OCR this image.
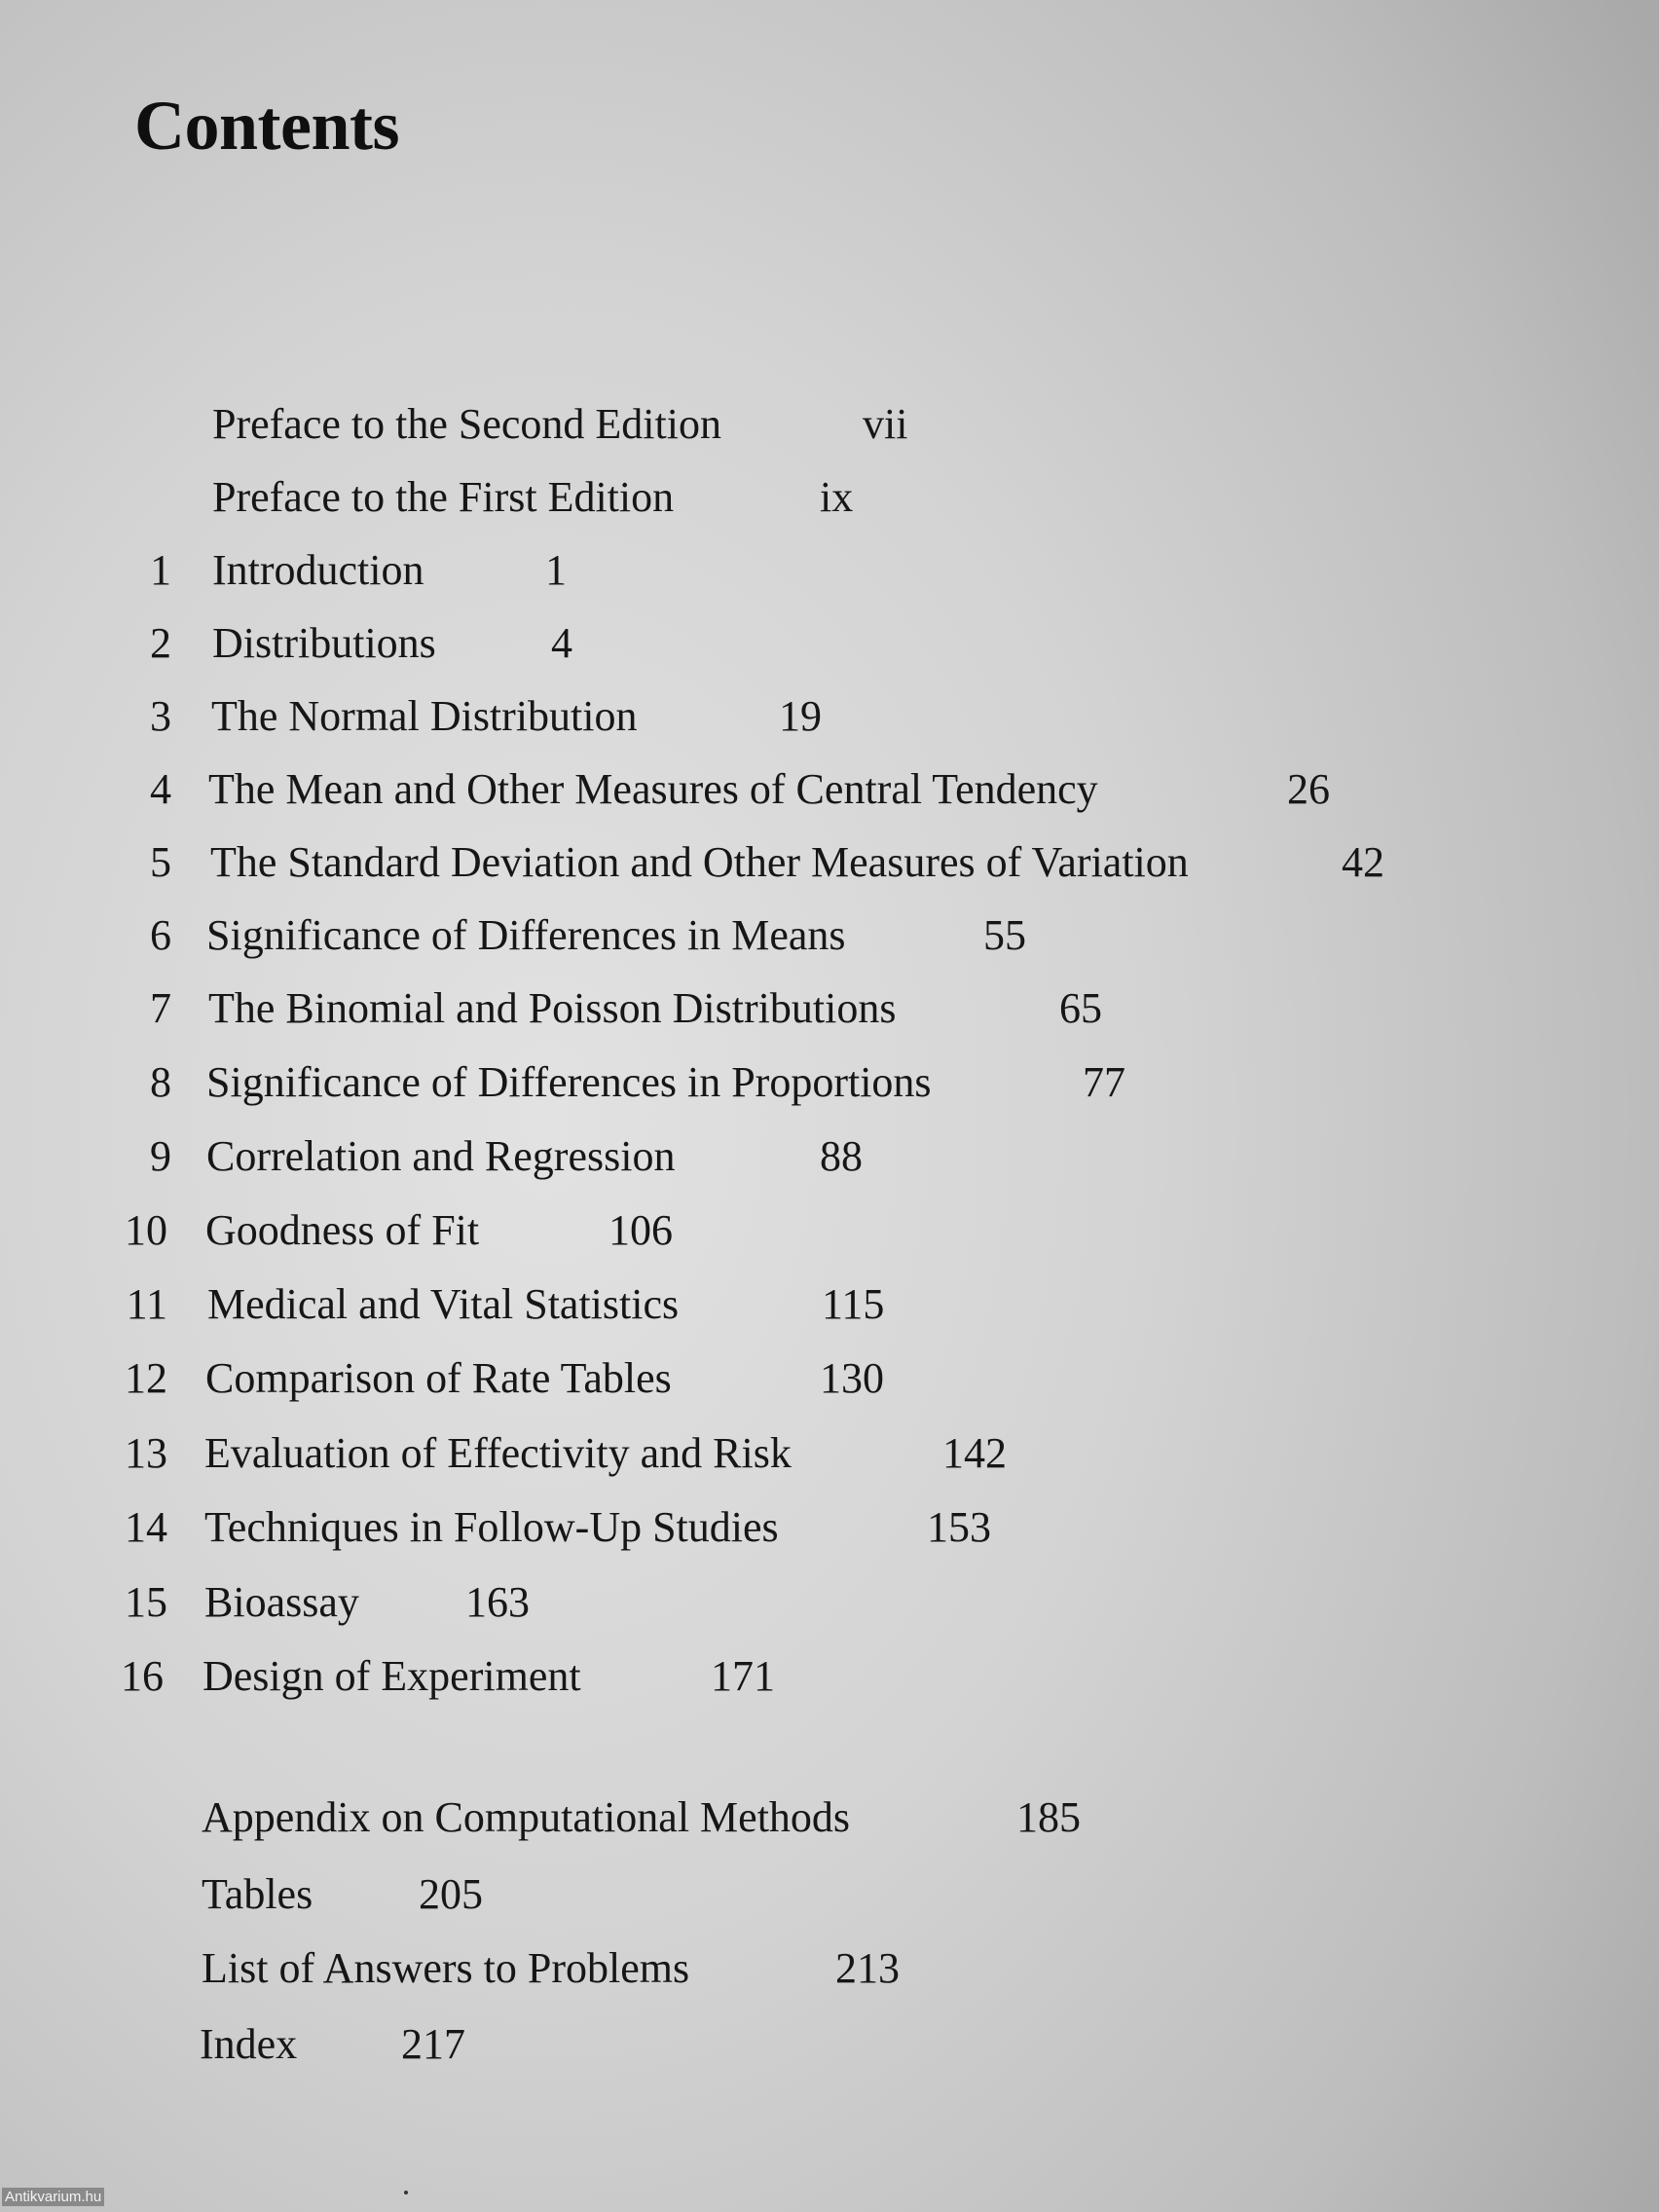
Contents
Preface to the Second Edition	vii
Preface to the First Edition	ix
1 Introduction	1
2 Distributions	4
3 The Normal Distribution	19
4 The Mean and Other Measures of Central Tendency	26
5 The Standard Deviation and Other Measures of Variation	42
6 Significance of Differences in Means	55
7 The Binomial and Poisson Distributions	65
8 Significance of Differences in Proportions	77
9 Correlation and Regression	88
10 Goodness of Fit	106
11 Medical and Vital Statistics	115
12 Comparison of Rate Tables	130
13 Evaluation of Effectivity and Risk	142
14 Techniques in Follow-Up Studies	153
15 Bioassay 163
16 Design of Experiment	171
Appendix on Computational Methods	185
Tables 205
List of Answers to Problems	213
Index 217
Antikvarium.hu
